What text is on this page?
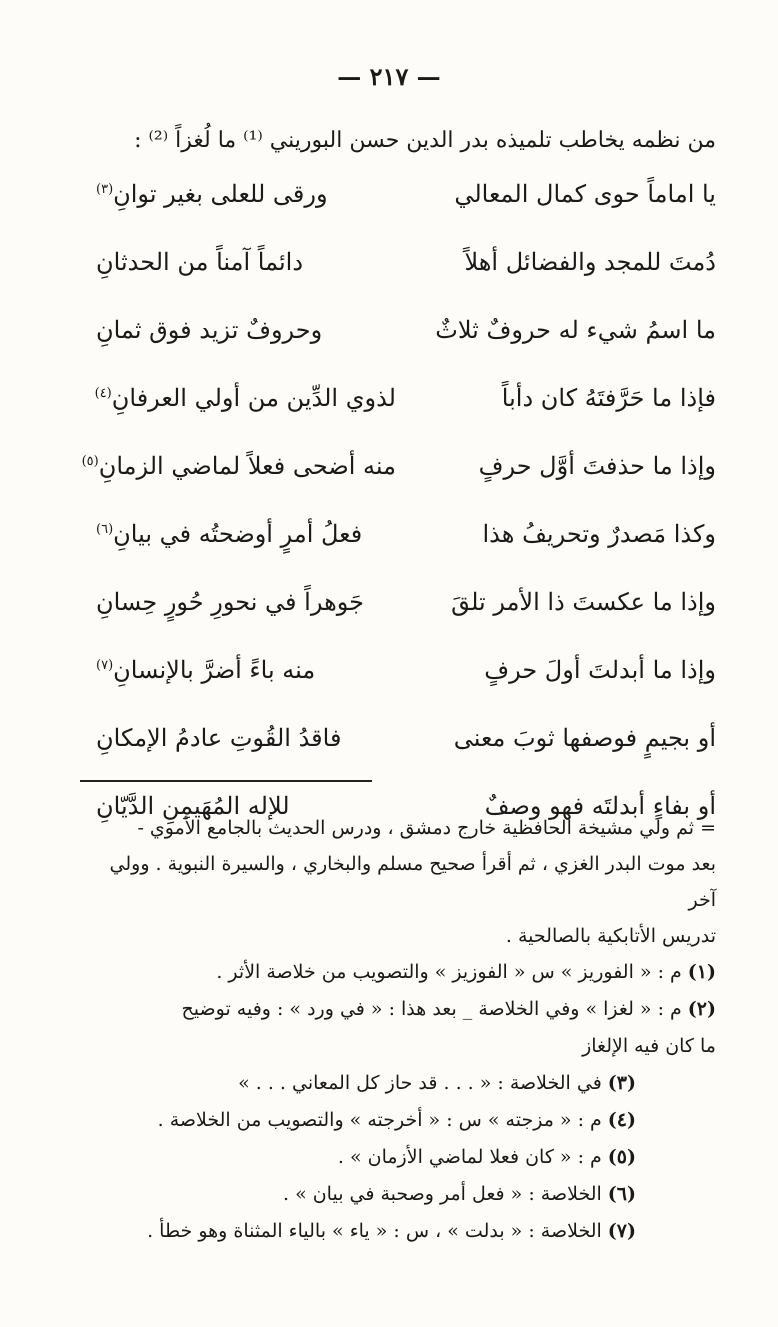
— ٢١٧ —
من نظمه يخاطب تلميذه بدر الدين حسن البوريني ⁽¹⁾ ما لُغزاً ⁽²⁾ :
يا اماماً حوى كمال المعالي
ورقى للعلى بغير توانِ$^{(٣)}$
دُمتَ للمجد والفضائل أهلاً
دائماً آمناً من الحدثانِ
ما اسمُ شيء له حروفٌ ثلاثٌ
وحروفٌ تزيد فوق ثمانِ
فإذا ما حَرَّفتَهُ كان دأباً
لذوي الدِّين من أولي العرفانِ$^{(٤)}$
وإذا ما حذفتَ أوَّل حرفٍ
منه أضحى فعلاً لماضي الزمانِ$^{(٥)}$
وكذا مَصدرٌ وتحريفُ هذا
فعلُ أمرٍ أوضحتُه في بيانِ$^{(٦)}$
وإذا ما عكستَ ذا الأمر تلقَ
جَوهراً في نحورِ حُورٍ حِسانِ
وإذا ما أبدلتَ أولَ حرفٍ
منه باءً أضرَّ بالإنسانِ$^{(٧)}$
أو بجيمٍ فوصفها ثوبَ معنى
فاقدُ القُوتِ عادمُ الإمكانِ
أو بفاءٍ أبدلتَه فهو وصفٌ
للإله المُهَيمِنِ الدَّيّانِ
= ثم ولي مشيخة الحافظية خارج دمشق ، ودرس الحديث بالجامع الأموي -
بعد موت البدر الغزي ، ثم أقرأ صحيح مسلم والبخاري ، والسيرة النبوية . وولي آخر
تدريس الأتابكية بالصالحية .
(١)م : « الفوريز » س « الفوزيز » والتصويب من خلاصة الأثر .
(٢)م : « لغزا » وفي الخلاصة _ بعد هذا : « في ورد » : وفيه توضيح
ما كان فيه الإلغاز
(٣)في الخلاصة : « . . . قد حاز كل المعاني . . . »
(٤)م : « مزجته » س : « أخرجته » والتصويب من الخلاصة .
(٥)م : « كان فعلا لماضي الأزمان » .
(٦)الخلاصة : « فعل أمر وصحبة في بيان » .
(٧)الخلاصة : « بدلت » ، س : « ياء » بالياء المثناة وهو خطأ .
